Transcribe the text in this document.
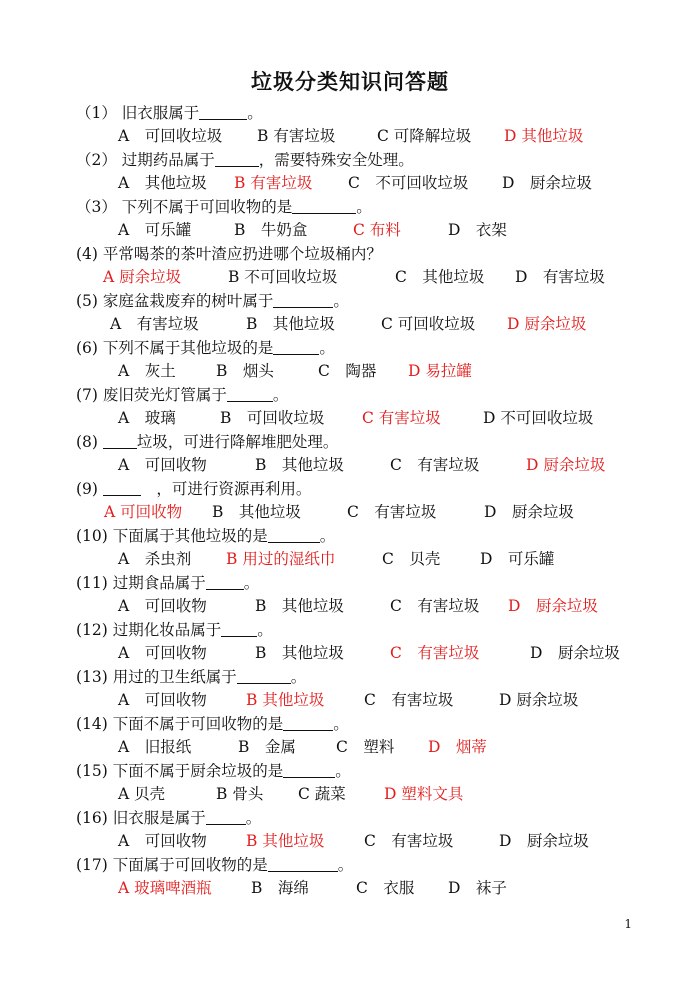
垃圾分类知识问答题
（1） 旧衣服属于	。
A　可回收垃圾 B 有害垃圾	C 可降解垃圾 D 其他垃圾
（2） 过期药品属于	，需要特殊安全处理。
A　其他垃圾 B 有害垃圾 C　不可回收垃圾 D　厨余垃圾
（3） 下列不属于可回收物的是	。
A　可乐罐	B　牛奶盒	C 布料	D　衣架
(4) 平常喝茶的茶叶渣应扔进哪个垃圾桶内？
A 厨余垃圾	B 不可回收垃圾	C　其他垃圾 D　有害垃圾
(5) 家庭盆栽废弃的树叶属于	。
A　有害垃圾	B　其他垃圾	C 可回收垃圾 D 厨余垃圾
(6) 下列不属于其他垃圾的是	。
A　灰土	B　烟头	C　陶器 D 易拉罐
(7) 废旧荧光灯管属于	。
A　玻璃	B　可回收垃圾 C 有害垃圾	D 不可回收垃圾
(8) 垃圾，可进行降解堆肥处理。
A　可回收物	B　其他垃圾	C　有害垃圾	D 厨余垃圾
(9) 　，可进行资源再利用。
A 可回收物 B　其他垃圾	C　有害垃圾	D　厨余垃圾
(10) 下面属于其他垃圾的是	。
A　杀虫剂 B 用过的湿纸巾	C　贝壳	D　可乐罐
(11) 过期食品属于 。
A　可回收物	B　其他垃圾	C　有害垃圾 D　厨余垃圾
(12) 过期化妆品属于 。
A　可回收物	B　其他垃圾	C　有害垃圾	D　厨余垃圾
(13) 用过的卫生纸属于	。
A　可回收物	B 其他垃圾	C　有害垃圾	D 厨余垃圾
(14) 下面不属于可回收物的是	。
A　旧报纸	B　金属	C　塑料 D　烟蒂
(15) 下面不属于厨余垃圾的是	。
A 贝壳	B 骨头 C 蔬菜 D 塑料文具
(16) 旧衣服是属于	。
A　可回收物	B 其他垃圾	C　有害垃圾	D　厨余垃圾
(17) 下面属于可回收物的是	。
A 玻璃啤酒瓶	B　海绵	C　衣服 D　袜子
1
